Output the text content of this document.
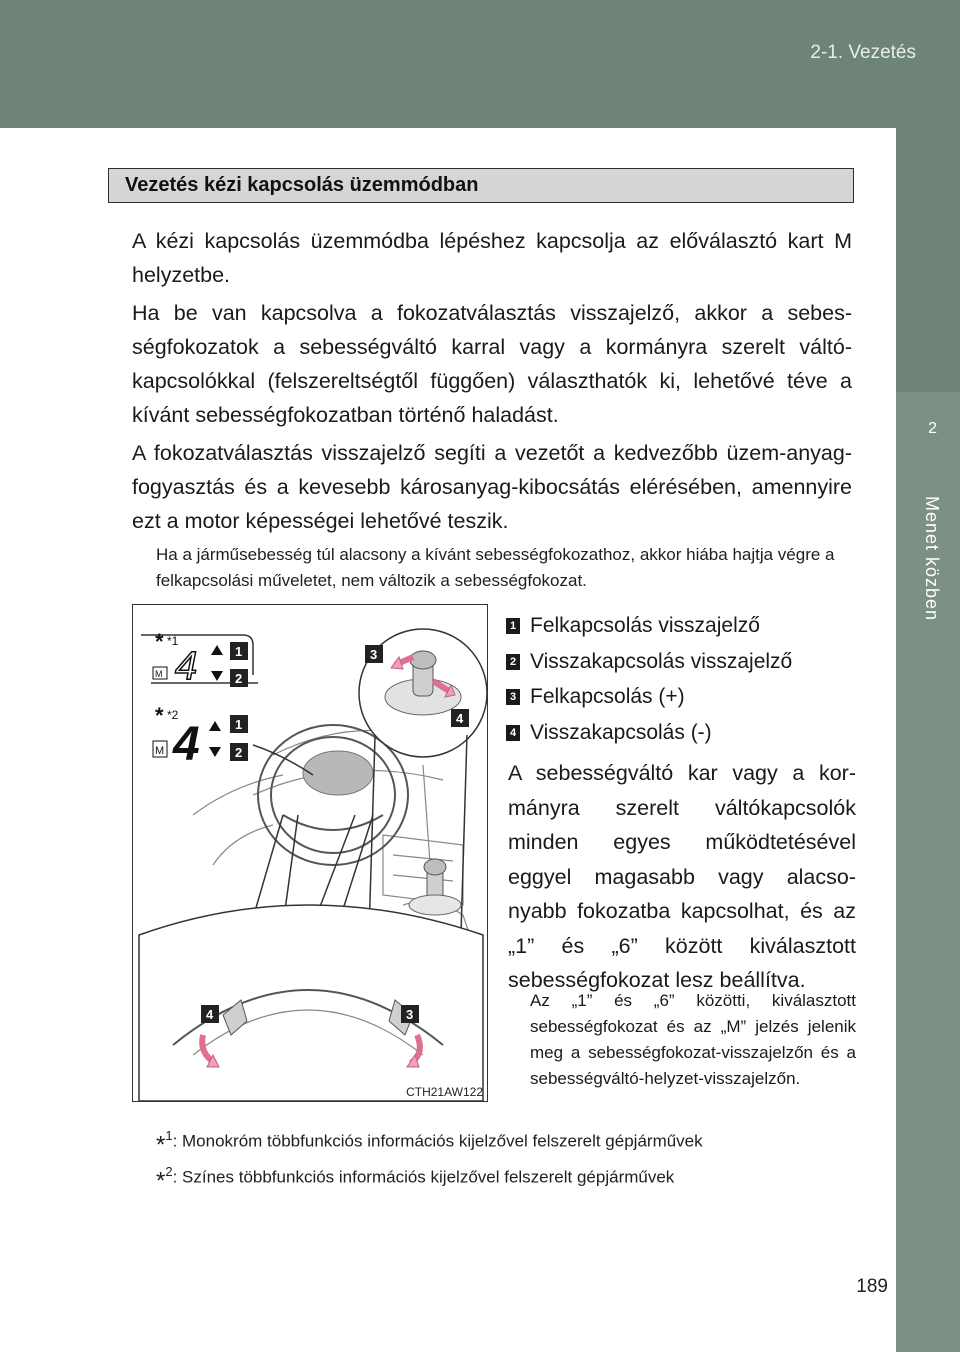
2-1. Vezetés
2
Menet közben
Vezetés kézi kapcsolás üzemmódban
A kézi kapcsolás üzemmódba lépéshez kapcsolja az előválasztó kart M helyzetbe.
Ha be van kapcsolva a fokozatválasztás visszajelző, akkor a sebes-ségfokozatok a sebességváltó karral vagy a kormányra szerelt váltó-kapcsolókkal (felszereltségtől függően) választhatók ki, lehetővé téve a kívánt sebességfokozatban történő haladást.
A fokozatválasztás visszajelző segíti a vezetőt a kedvezőbb üzem-anyag-fogyasztás és a kevesebb károsanyag-kibocsátás elérésében, amennyire ezt a motor képességei lehetővé teszik.
Ha a járműsebesség túl alacsony a kívánt sebességfokozathoz, akkor hiába hajtja végre a felkapcsolási műveletet, nem változik a sebességfokozat.
* *1
M 4	1
2
* *2
M 4	1
2
3
4
4	3
CTH21AW122
1 Felkapcsolás visszajelző
2 Visszakapcsolás visszajelző
3 Felkapcsolás (+)
4 Visszakapcsolás (-)
A sebességváltó kar vagy a kor-mányra szerelt váltókapcsolók minden egyes működtetésével eggyel magasabb vagy alacso-nyabb fokozatba kapcsolhat, és az „1” és „6” között kiválasztott sebességfokozat lesz beállítva.
Az „1” és „6” közötti, kiválasztott sebességfokozat és az „M” jelzés jelenik meg a sebességfokozat-visszajelzőn és a sebességváltó-helyzet-visszajelzőn.
*$^1$: Monokróm többfunkciós információs kijelzővel felszerelt gépjárművek
*$^2$: Színes többfunkciós információs kijelzővel felszerelt gépjárművek
189
